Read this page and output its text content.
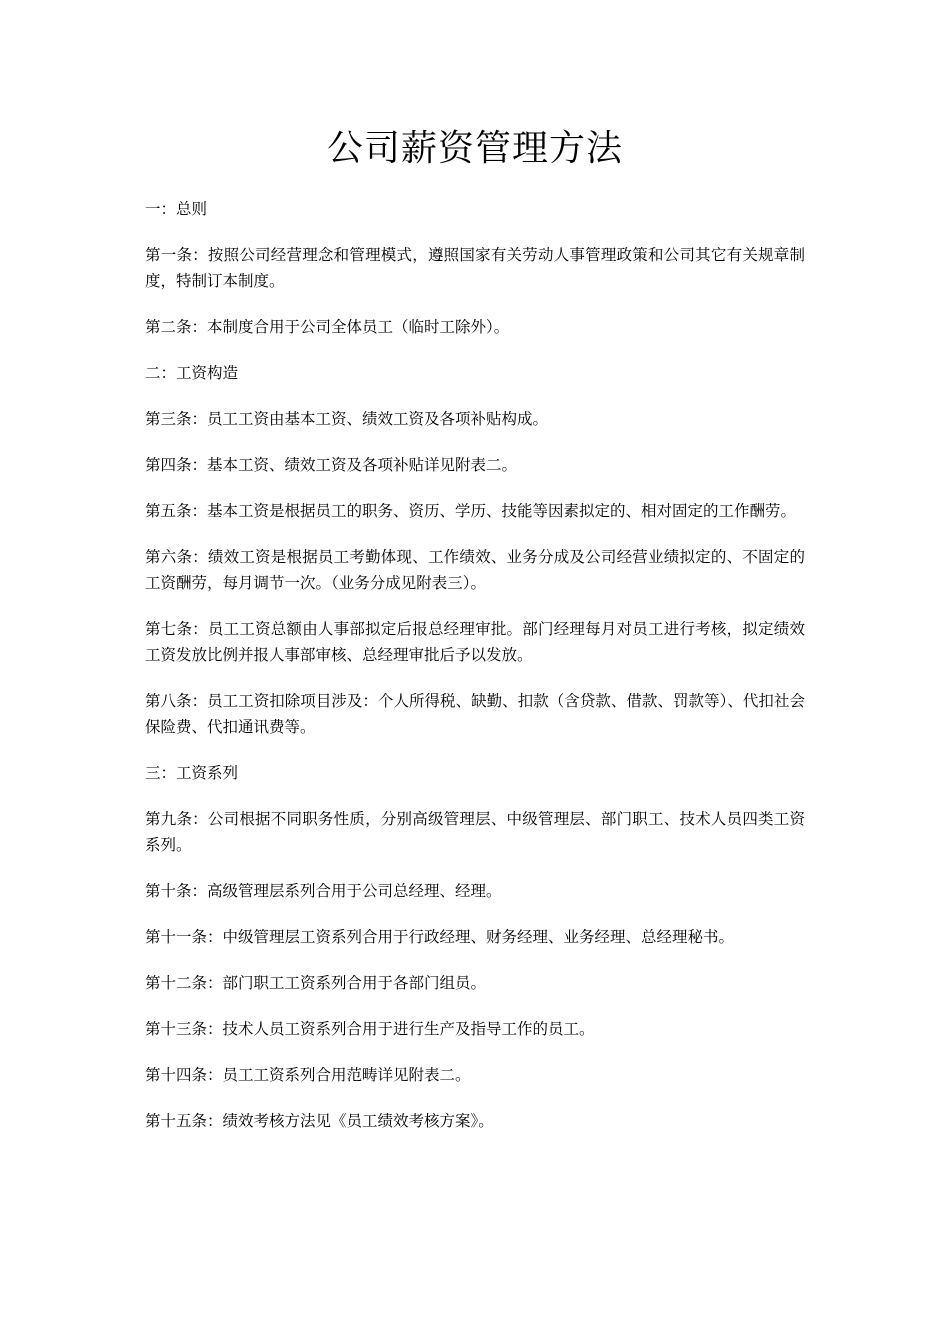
公司薪资管理方法

一：总则

第一条：按照公司经营理念和管理模式，遵照国家有关劳动人事管理政策和公司其它有关规章制度，特制订本制度。

第二条：本制度合用于公司全体员工（临时工除外）。

二：工资构造

第三条：员工工资由基本工资、绩效工资及各项补贴构成。

第四条：基本工资、绩效工资及各项补贴详见附表二。

第五条：基本工资是根据员工的职务、资历、学历、技能等因素拟定的、相对固定的工作酬劳。

第六条：绩效工资是根据员工考勤体现、工作绩效、业务分成及公司经营业绩拟定的、不固定的工资酬劳，每月调节一次。（业务分成见附表三）。

第七条：员工工资总额由人事部拟定后报总经理审批。部门经理每月对员工进行考核，拟定绩效工资发放比例并报人事部审核、总经理审批后予以发放。

第八条：员工工资扣除项目涉及：个人所得税、缺勤、扣款（含贷款、借款、罚款等）、代扣社会保险费、代扣通讯费等。

三：工资系列

第九条：公司根据不同职务性质，分别高级管理层、中级管理层、部门职工、技术人员四类工资系列。

第十条：高级管理层系列合用于公司总经理、经理。

第十一条：中级管理层工资系列合用于行政经理、财务经理、业务经理、总经理秘书。

第十二条：部门职工工资系列合用于各部门组员。

第十三条：技术人员工资系列合用于进行生产及指导工作的员工。

第十四条：员工工资系列合用范畴详见附表二。

第十五条：绩效考核方法见《员工绩效考核方案》。
